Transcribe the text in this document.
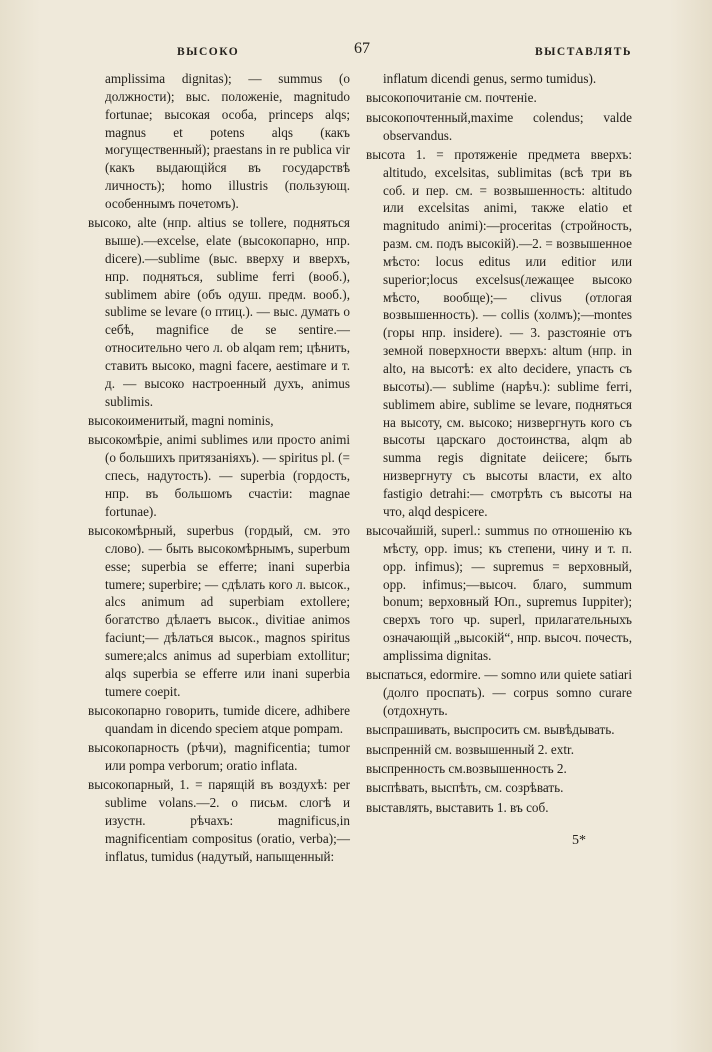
ВЫСОКО	67	ВЫСТАВЛЯТЬ

amplissima dignitas); — summus (о должности); выс. положеніе, magnitudo fortunae; высокая особа, princeps alqs; magnus et potens alqs (какъ могущественный); praestans in re publica vir (какъ выдающійся въ государствѣ личность); homo illustris (пользующ. особеннымъ почетомъ).

высоко, alte (нпр. altius se tollere, подняться выше).—excelse, elate (высокопарно, нпр. dicere).—sublime (выс. вверху и вверхъ, нпр. подняться, sublime ferri (вооб.), sublimem abire (объ одуш. предм. вооб.), sublime se levare (о птиц.). — выс. думать о себѣ, magnifice de se sentire.—относительно чего л. ob alqam rem; цѣнить, ставить высоко, magni facere, aestimare и т. д. — высоко настроенный духъ, animus sublimis.

высокоименитый, magni nominis,

высокомѣріе, animi sublimes или просто animi (о большихъ притязаніяхъ). — spiritus pl. (= спесь, надутость). — superbia (гордость, нпр. въ большомъ счастіи: magnae fortunae).

высокомѣрный, superbus (гордый, см. это слово). — быть высокомѣрнымъ, superbum esse; superbia se efferre; inani superbia tumere; superbire; — сдѣлать кого л. высок., alcs animum ad superbiam extollere; богатство дѣлаетъ высок., divitiae animos faciunt;— дѣлаться высок., magnos spiritus sumere;alcs animus ad superbiam extollitur; alqs superbia se efferre или inani superbia tumere coepit.

высокопарно говорить, tumide dicere, adhibere quandam in dicendo speciem atque pompam.

высокопарность (рѣчи), magnificentia; tumor или pompa verborum; oratio inflata.

высокопарный, 1. = парящій въ воздухѣ: per sublime volans.—2. о письм. слогѣ и изустн. рѣчахъ: magnificus,in magnificentiam compositus (oratio, verba);—inflatus, tumidus (надутый, напыщенный:

inflatum dicendi genus, sermo tumidus).

высокопочитаніе см. почтеніе.

высокопочтенный,maxime colendus; valde observandus.

высота 1. = протяженіе предмета вверхъ: altitudo, excelsitas, sublimitas (всѣ три въ соб. и пер. см. = возвышенность: altitudo или excelsitas animi, также elatio et magnitudo animi):—proceritas (стройность, разм. см. подъ высокій).—2. = возвышенное мѣсто: locus editus или editior или superior;locus excelsus(лежащее высоко мѣсто, вообще);— clivus (отлогая возвышенность). — collis (холмъ);—montes (горы нпр. insidere). — 3. разстояніе отъ земной поверхности вверхъ: altum (нпр. in alto, на высотѣ: ex alto decidere, упасть съ высоты).— sublime (нарѣч.): sublime ferri, sublimem abire, sublime se levare, подняться на высоту, см. высоко; низвергнуть кого съ высоты царскаго достоинства, alqm ab summa regis dignitate deiicere; быть низвергнуту съ высоты власти, ex alto fastigio detrahi:— смотрѣть съ высоты на что, alqd despicere.

высочайшій, superl.: summus по отношенію къ мѣсту, opp. imus; къ степени, чину и т. п. opp. infimus); — supremus = верховный, opp. infimus;—высоч. благо, summum bonum; верховный Юп., supremus Iuppiter); сверхъ того чр. superl, прилагательныхъ означающій „высокій“, нпр. высоч. почесть, amplissima dignitas.

выспаться, edormire. — somno или quiete satiari (долго проспать). — corpus somno curare (отдохнуть.

выспрашивать, выспросить см. вывѣдывать.

выспренній см. возвышенный 2. extr.

выспренность см.возвышенность 2.

выспѣвать, выспѣть, см. созрѣвать.

выставлять, выставить 1. въ соб.

5*
